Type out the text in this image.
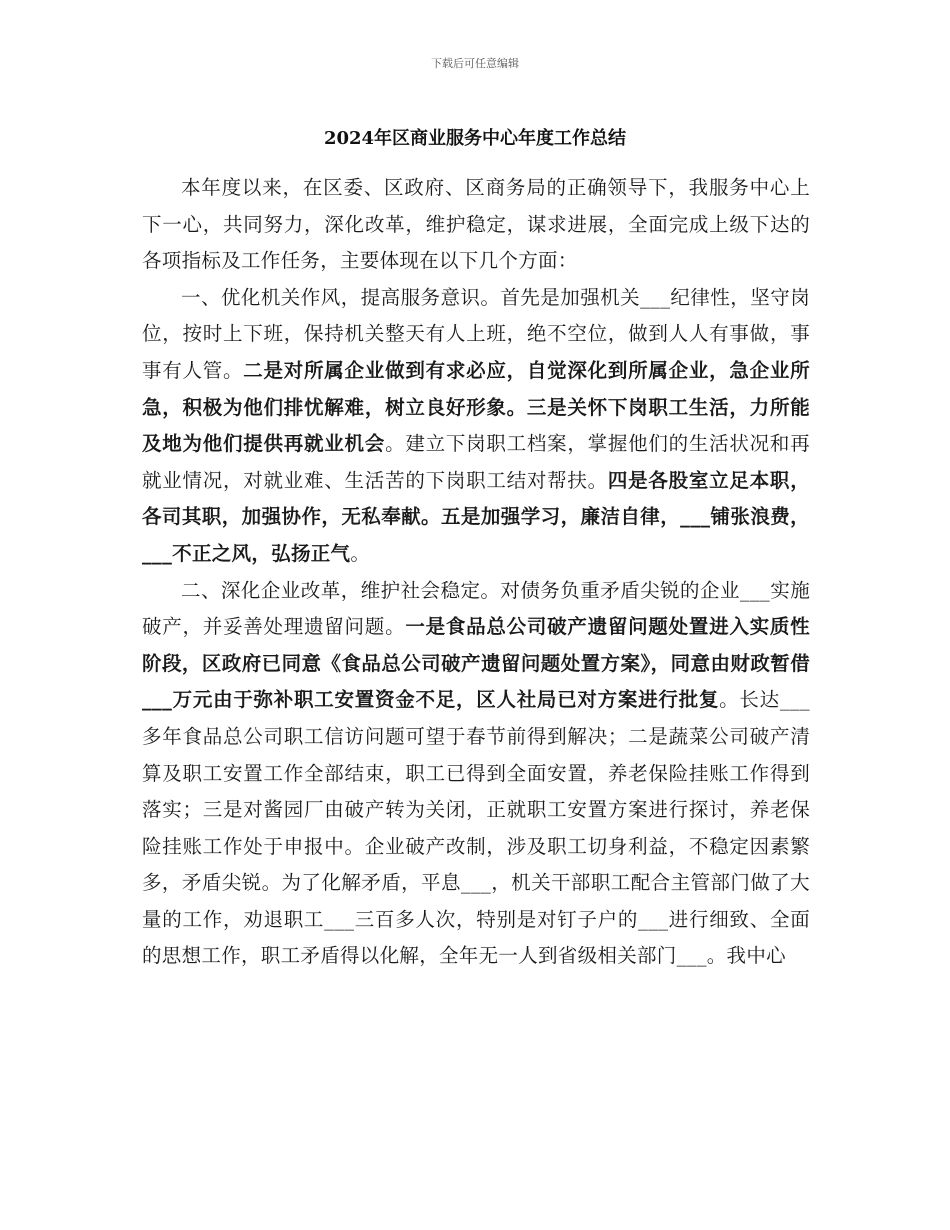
下载后可任意编辑
2024年区商业服务中心年度工作总结

本年度以来，在区委、区政府、区商务局的正确领导下，我服务中心上下一心，共同努力，深化改革，维护稳定，谋求进展，全面完成上级下达的各项指标及工作任务，主要体现在以下几个方面：

一、优化机关作风，提高服务意识。首先是加强机关___纪律性，坚守岗位，按时上下班，保持机关整天有人上班，绝不空位，做到人人有事做，事事有人管。二是对所属企业做到有求必应，自觉深化到所属企业，急企业所急，积极为他们排忧解难，树立良好形象。三是关怀下岗职工生活，力所能及地为他们提供再就业机会。建立下岗职工档案，掌握他们的生活状况和再就业情况，对就业难、生活苦的下岗职工结对帮扶。四是各股室立足本职，各司其职，加强协作，无私奉献。五是加强学习，廉洁自律，___铺张浪费，___不正之风，弘扬正气。

二、深化企业改革，维护社会稳定。对债务负重矛盾尖锐的企业___实施破产，并妥善处理遗留问题。一是食品总公司破产遗留问题处置进入实质性阶段，区政府已同意《食品总公司破产遗留问题处置方案》，同意由财政暂借___万元由于弥补职工安置资金不足，区人社局已对方案进行批复。长达___多年食品总公司职工信访问题可望于春节前得到解决；二是蔬菜公司破产清算及职工安置工作全部结束，职工已得到全面安置，养老保险挂账工作得到落实；三是对酱园厂由破产转为关闭，正就职工安置方案进行探讨，养老保险挂账工作处于申报中。企业破产改制，涉及职工切身利益，不稳定因素繁多，矛盾尖锐。为了化解矛盾，平息___，机关干部职工配合主管部门做了大量的工作，劝退职工___三百多人次，特别是对钉子户的___进行细致、全面的思想工作，职工矛盾得以化解，全年无一人到省级相关部门___。我中心
